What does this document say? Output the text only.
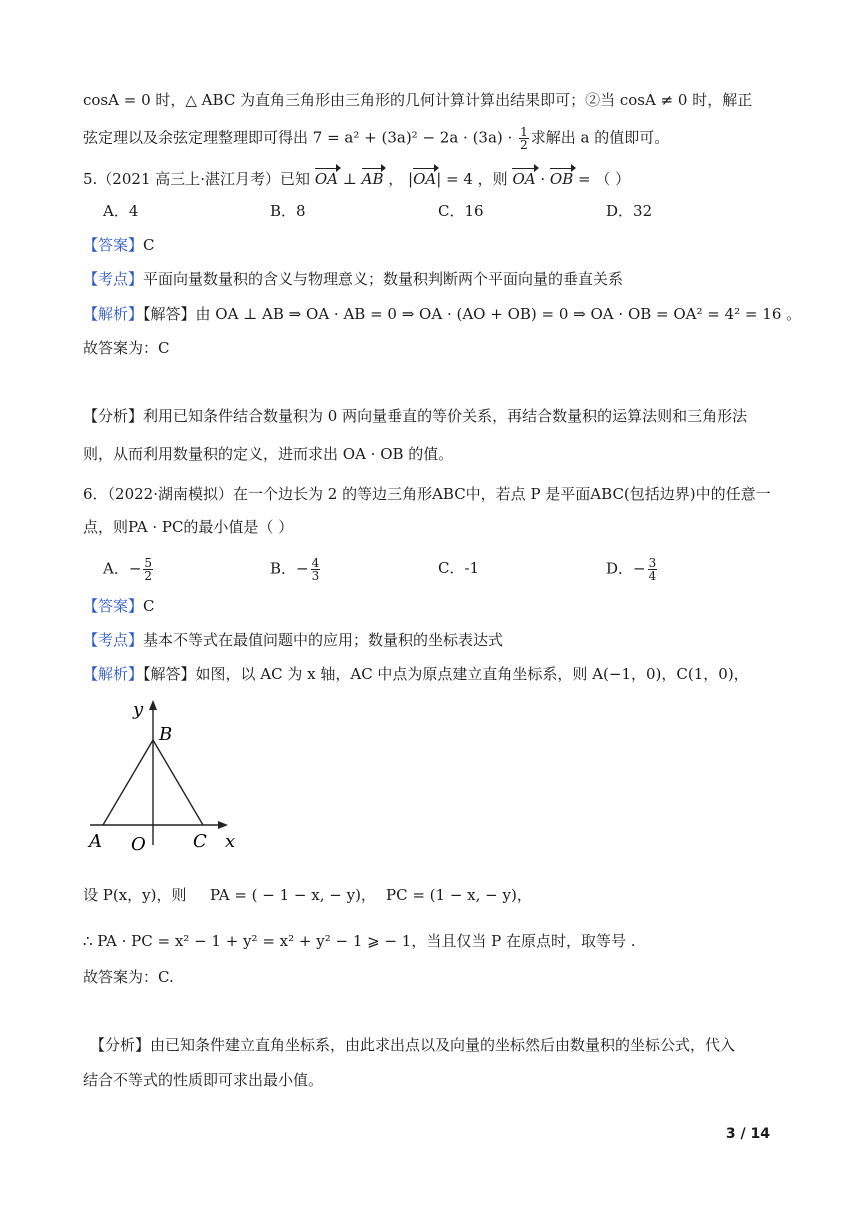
cosA = 0 时，△ ABC 为直角三角形由三角形的几何计算计算出结果即可；②当 cosA ≠ 0 时，解正
弦定理以及余弦定理整理即可得出 $7 = a^2 + (3a)^2 - 2a \cdot (3a) \cdot \frac{1}{2}$ 求解出 a 的值即可。
5.（2021 高三上·湛江月考）已知 OA ⊥ AB ， |OA| = 4 ，则 OA · OB = （ ）
A．4	B．8	C．16	D．32
【答案】C
【考点】平面向量数量积的含义与物理意义；数量积判断两个平面向量的垂直关系
【解析】【解答】由 OA ⊥ AB ⇒ OA · AB = 0 ⇒ OA · (AO + OB) = 0 ⇒ OA · OB = OA² = 4² = 16 。
故答案为：C
【分析】利用已知条件结合数量积为 0 两向量垂直的等价关系，再结合数量积的运算法则和三角形法
则，从而利用数量积的定义，进而求出 OA · OB 的值。
6．（2022·湖南模拟）在一个边长为 2 的等边三角形ABC中，若点 P 是平面ABC(包括边界)中的任意一
点，则PA · PC的最小值是（ ）
A．− $\frac{5}{2}$	B．− $\frac{4}{3}$	C．-1	D．− $\frac{3}{4}$
【答案】C
【考点】基本不等式在最值问题中的应用；数量积的坐标表达式
【解析】【解答】如图，以 AC 为 x 轴，AC 中点为原点建立直角坐标系，则 A(−1，0)，C(1，0)，
y
B
A O	C x
设 P(x，y)，则 PA = ( − 1 − x, − y)， PC = (1 − x, − y)，
∴ PA · PC = x² − 1 + y² = x² + y² − 1 ⩾ − 1，当且仅当 P 在原点时，取等号 .
故答案为：C.
【分析】由已知条件建立直角坐标系，由此求出点以及向量的坐标然后由数量积的坐标公式，代入
结合不等式的性质即可求出最小值。
3 / 14
